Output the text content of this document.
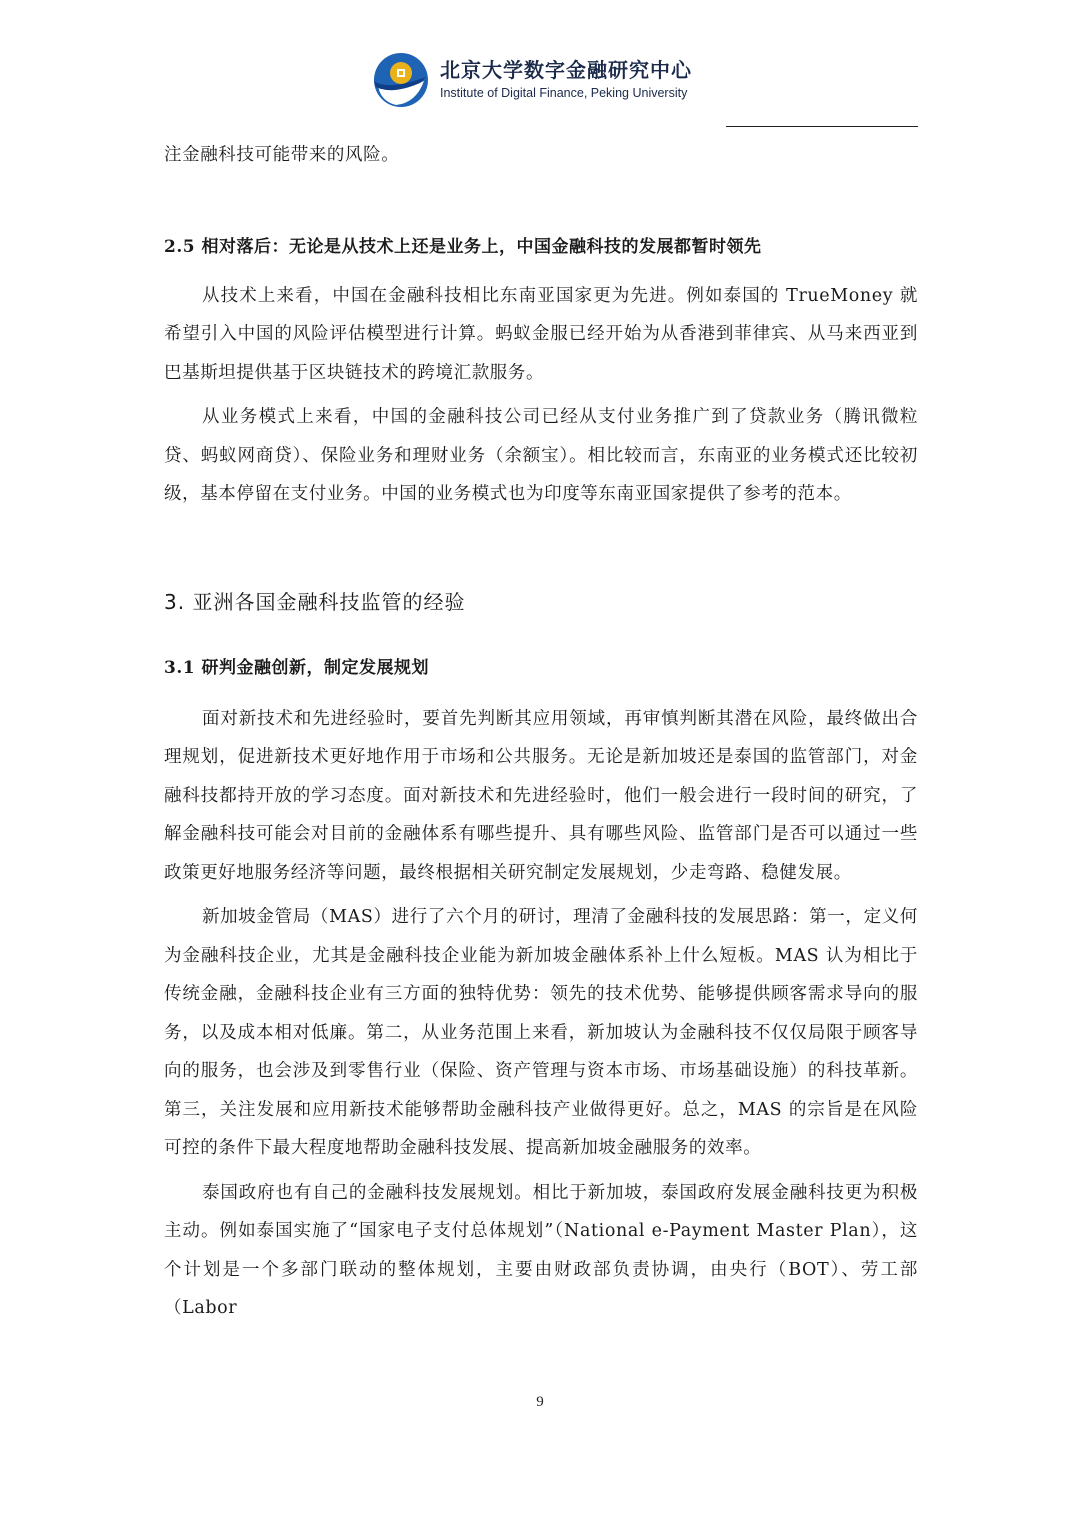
北京大学数字金融研究中心
Institute of Digital Finance, Peking University

注金融科技可能带来的风险。

2.5 相对落后：无论是从技术上还是业务上，中国金融科技的发展都暂时领先

从技术上来看，中国在金融科技相比东南亚国家更为先进。例如泰国的 TrueMoney 就希望引入中国的风险评估模型进行计算。蚂蚁金服已经开始为从香港到菲律宾、从马来西亚到巴基斯坦提供基于区块链技术的跨境汇款服务。

从业务模式上来看，中国的金融科技公司已经从支付业务推广到了贷款业务（腾讯微粒贷、蚂蚁网商贷）、保险业务和理财业务（余额宝）。相比较而言，东南亚的业务模式还比较初级，基本停留在支付业务。中国的业务模式也为印度等东南亚国家提供了参考的范本。

3. 亚洲各国金融科技监管的经验

3.1 研判金融创新，制定发展规划

面对新技术和先进经验时，要首先判断其应用领域，再审慎判断其潜在风险，最终做出合理规划，促进新技术更好地作用于市场和公共服务。无论是新加坡还是泰国的监管部门，对金融科技都持开放的学习态度。面对新技术和先进经验时，他们一般会进行一段时间的研究，了解金融科技可能会对目前的金融体系有哪些提升、具有哪些风险、监管部门是否可以通过一些政策更好地服务经济等问题，最终根据相关研究制定发展规划，少走弯路、稳健发展。

新加坡金管局（MAS）进行了六个月的研讨，理清了金融科技的发展思路：第一，定义何为金融科技企业，尤其是金融科技企业能为新加坡金融体系补上什么短板。MAS 认为相比于传统金融，金融科技企业有三方面的独特优势：领先的技术优势、能够提供顾客需求导向的服务，以及成本相对低廉。第二，从业务范围上来看，新加坡认为金融科技不仅仅局限于顾客导向的服务，也会涉及到零售行业（保险、资产管理与资本市场、市场基础设施）的科技革新。第三，关注发展和应用新技术能够帮助金融科技产业做得更好。总之，MAS 的宗旨是在风险可控的条件下最大程度地帮助金融科技发展、提高新加坡金融服务的效率。

泰国政府也有自己的金融科技发展规划。相比于新加坡，泰国政府发展金融科技更为积极主动。例如泰国实施了“国家电子支付总体规划”（National e-Payment Master Plan），这个计划是一个多部门联动的整体规划，主要由财政部负责协调，由央行（BOT）、劳工部（Labor

9
